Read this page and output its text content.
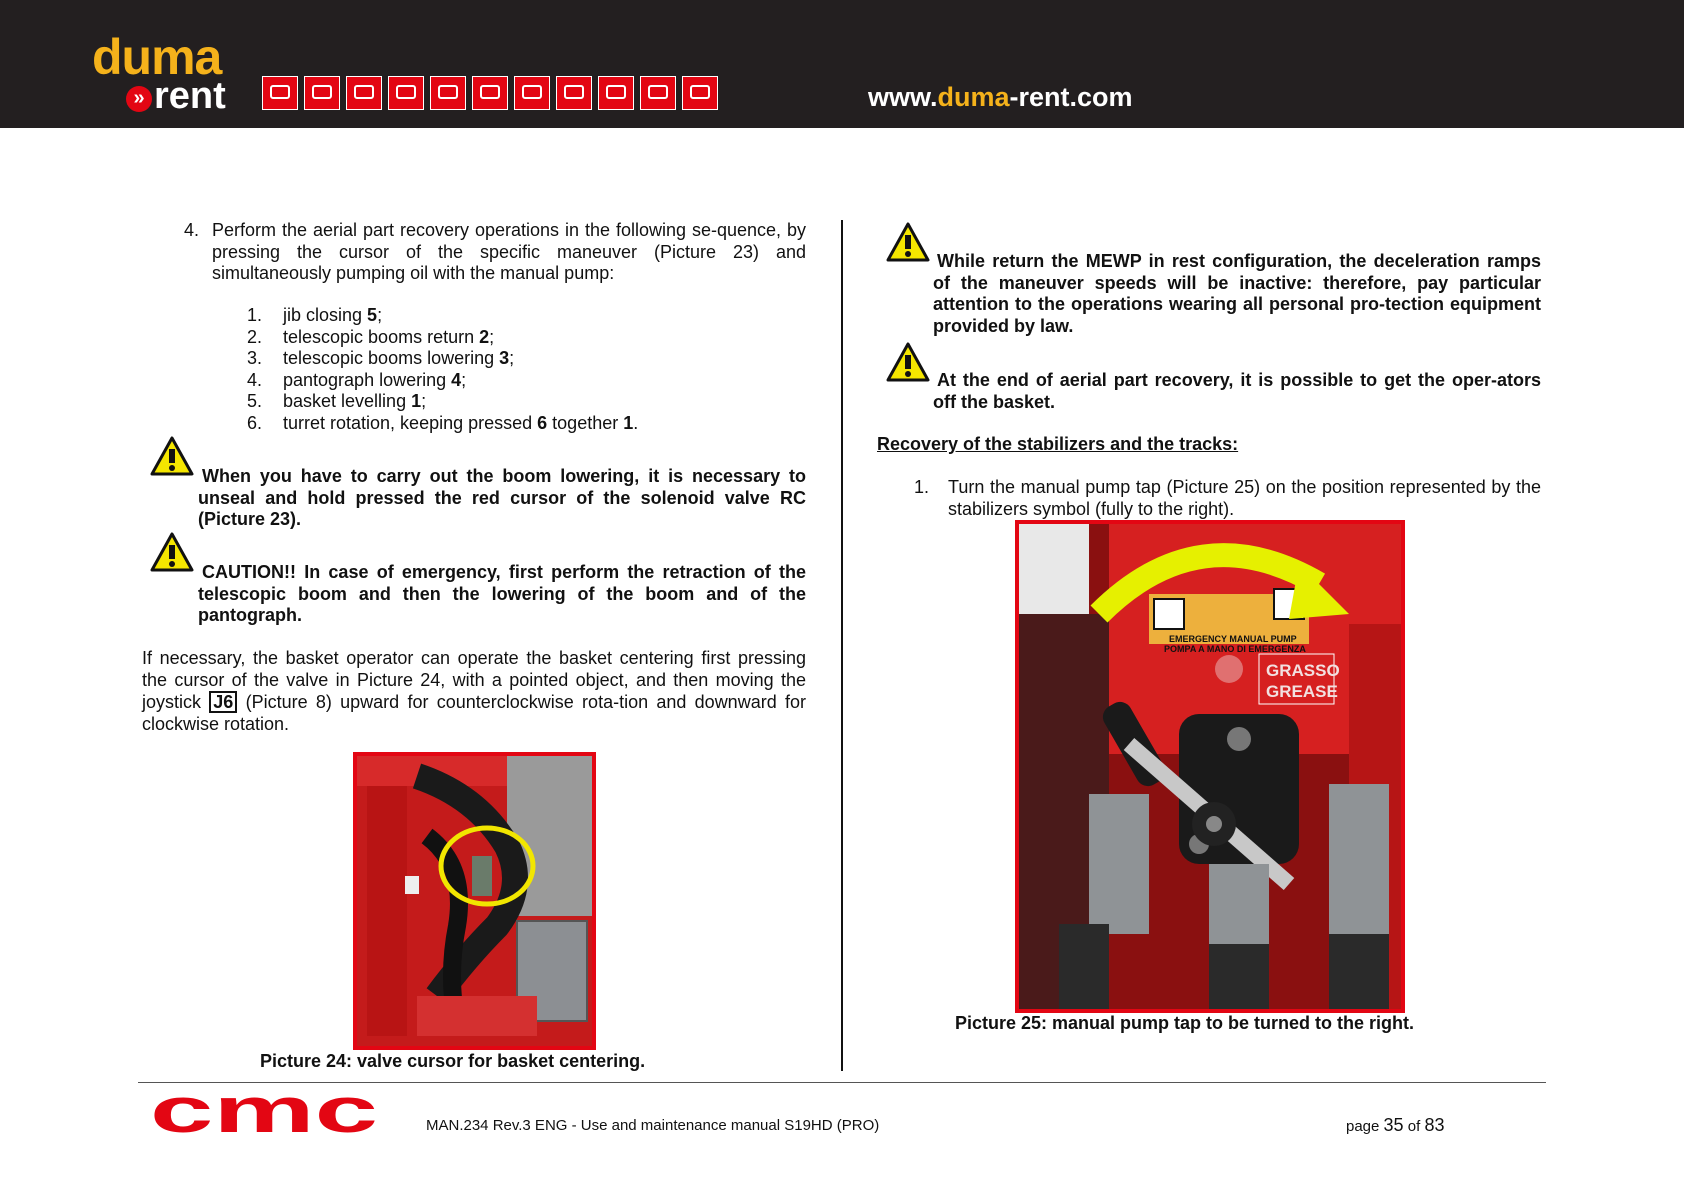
duma
» rent	www.duma-rent.com
4. Perform the aerial part recovery operations in the following se-quence, by pressing the cursor of the specific maneuver (Picture 23) and simultaneously pumping oil with the manual pump:
1. jib closing 5;
2. telescopic booms return 2;
3. telescopic booms lowering 3;
4. pantograph lowering 4;
5. basket levelling 1;
6. turret rotation, keeping pressed 6 together 1.
When you have to carry out the boom lowering, it is necessary to unseal and hold pressed the red cursor of the solenoid valve RC (Picture 23).
CAUTION!! In case of emergency, first perform the retraction of the telescopic boom and then the lowering of the boom and of the pantograph.
If necessary, the basket operator can operate the basket centering first pressing the cursor of the valve in Picture 24, with a pointed object, and then moving the joystick J6 (Picture 8) upward for counterclockwise rota-tion and downward for clockwise rotation.
Picture 24: valve cursor for basket centering.
While return the MEWP in rest configuration, the deceleration ramps of the maneuver speeds will be inactive: therefore, pay particular attention to the operations wearing all personal pro-tection equipment provided by law.
At the end of aerial part recovery, it is possible to get the oper-ators off the basket.
Recovery of the stabilizers and the tracks:
1. Turn the manual pump tap (Picture 25) on the position represented by the stabilizers symbol (fully to the right).
EMERGENCY MANUAL PUMP
POMPA A MANO DI EMERGENZA
GRASSO
GREASE
Picture 25: manual pump tap to be turned to the right.
cmc	MAN.234 Rev.3 ENG - Use and maintenance manual S19HD (PRO)	page 35 of 83
